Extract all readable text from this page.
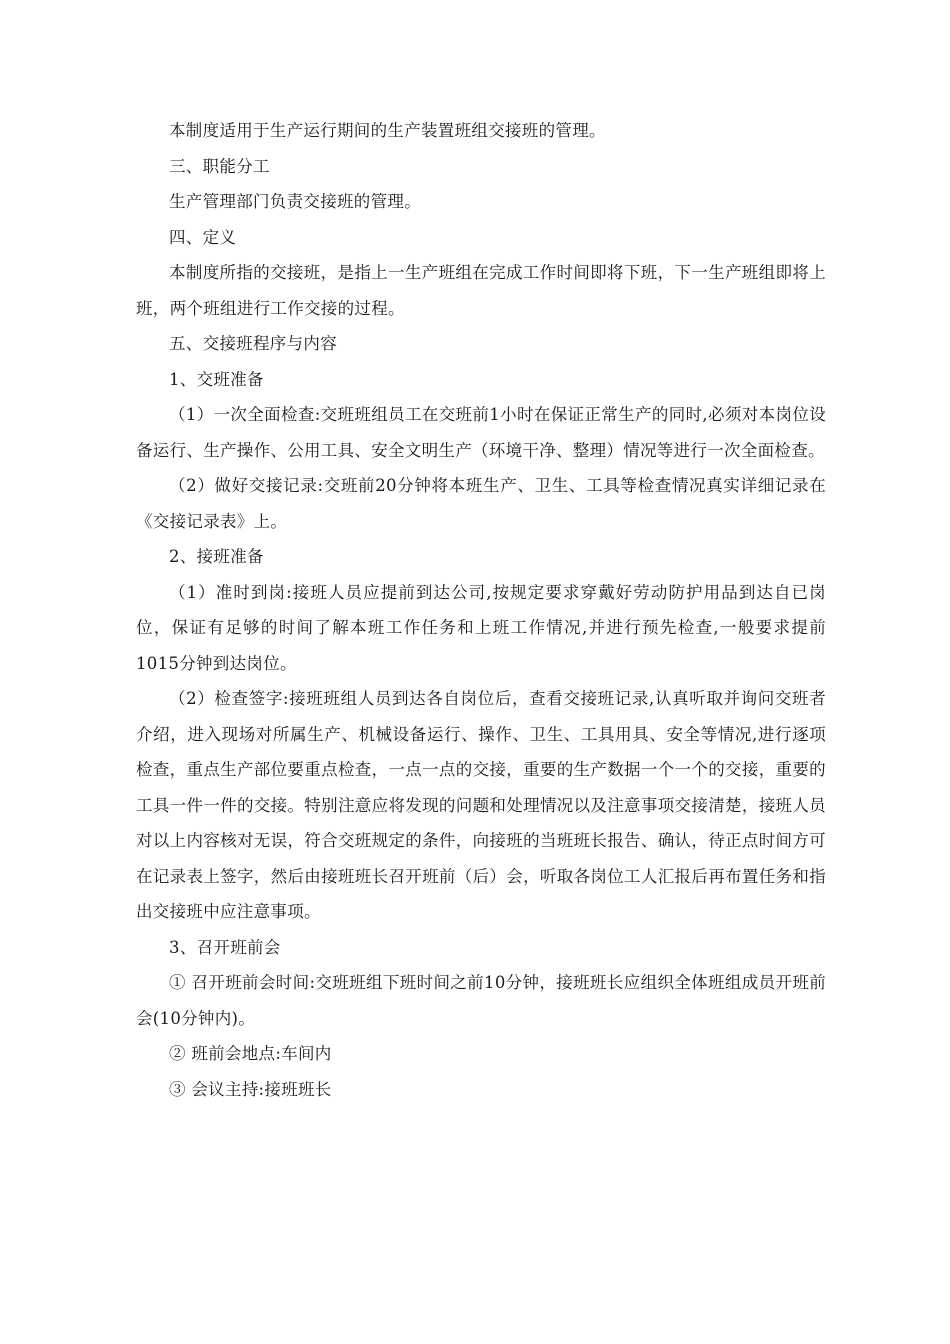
本制度适用于生产运行期间的生产装置班组交接班的管理。

三、职能分工

生产管理部门负责交接班的管理。

四、定义

本制度所指的交接班，是指上一生产班组在完成工作时间即将下班，下一生产班组即将上班，两个班组进行工作交接的过程。

五、交接班程序与内容

1、交班准备

（1）一次全面检查:交班班组员工在交班前1小时在保证正常生产的同时,必须对本岗位设备运行、生产操作、公用工具、安全文明生产（环境干净、整理）情况等进行一次全面检查。

（2）做好交接记录:交班前20分钟将本班生产、卫生、工具等检查情况真实详细记录在《交接记录表》上。

2、接班准备

（1）准时到岗:接班人员应提前到达公司,按规定要求穿戴好劳动防护用品到达自已岗位，保证有足够的时间了解本班工作任务和上班工作情况,并进行预先检查,一般要求提前1015分钟到达岗位。

（2）检查签字:接班班组人员到达各自岗位后，查看交接班记录,认真听取并询问交班者介绍，进入现场对所属生产、机械设备运行、操作、卫生、工具用具、安全等情况,进行逐项检查，重点生产部位要重点检查，一点一点的交接，重要的生产数据一个一个的交接，重要的工具一件一件的交接。特别注意应将发现的问题和处理情况以及注意事项交接清楚，接班人员对以上内容核对无误，符合交班规定的条件，向接班的当班班长报告、确认，待正点时间方可在记录表上签字，然后由接班班长召开班前（后）会，听取各岗位工人汇报后再布置任务和指出交接班中应注意事项。

3、召开班前会

① 召开班前会时间:交班班组下班时间之前10分钟，接班班长应组织全体班组成员开班前会(10分钟内)。

② 班前会地点:车间内

③ 会议主持:接班班长
